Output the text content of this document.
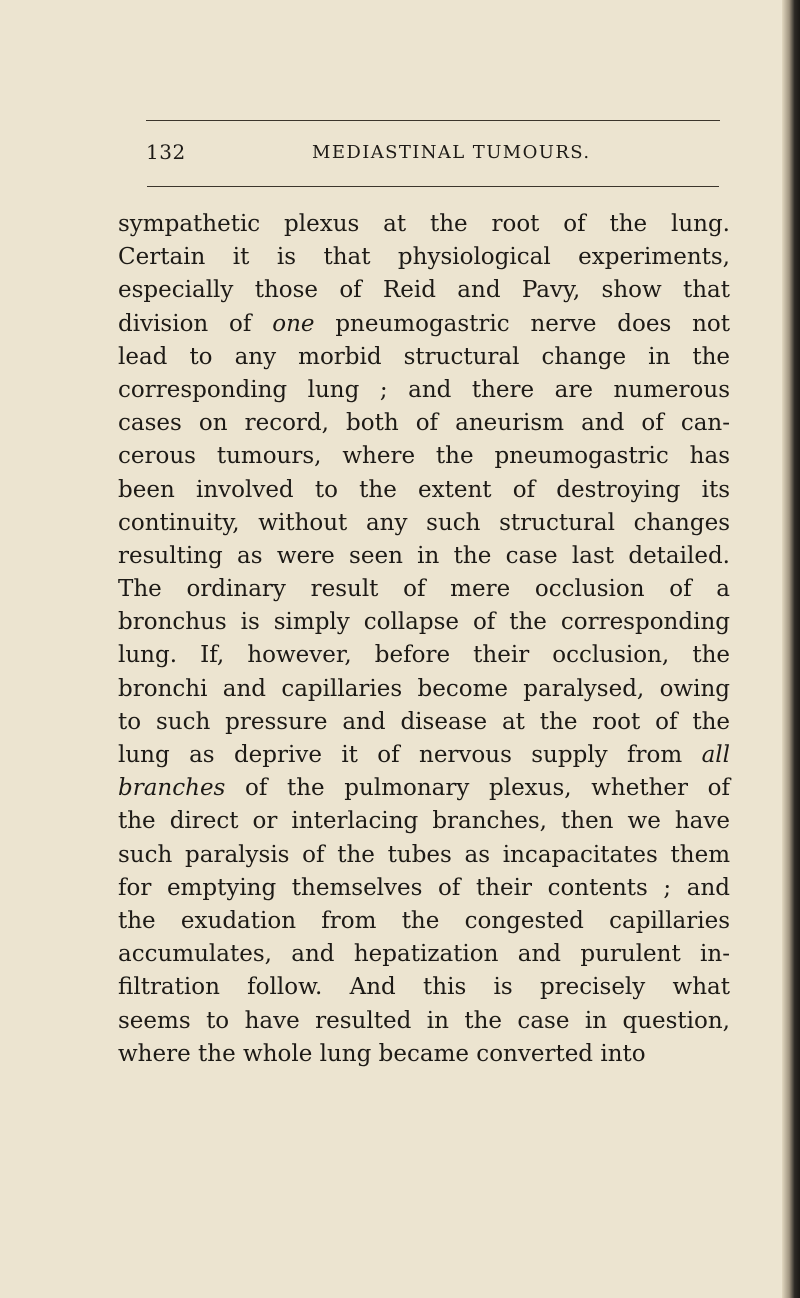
132	MEDIASTINAL TUMOURS.
sympathetic plexus at the root of the lung.
Certain it is that physiological experiments,
especially those of Reid and Pavy, show that
division of one pneumogastric nerve does not
lead to any morbid structural change in the
corresponding lung ; and there are numerous
cases on record, both of aneurism and of can-
cerous tumours, where the pneumogastric has
been involved to the extent of destroying its
continuity, without any such structural changes
resulting as were seen in the case last detailed.
The ordinary result of mere occlusion of a
bronchus is simply collapse of the corresponding
lung. If, however, before their occlusion, the
bronchi and capillaries become paralysed, owing
to such pressure and disease at the root of the
lung as deprive it of nervous supply from all
branches of the pulmonary plexus, whether of
the direct or interlacing branches, then we have
such paralysis of the tubes as incapacitates them
for emptying themselves of their contents ; and
the exudation from the congested capillaries
accumulates, and hepatization and purulent in-
filtration follow. And this is precisely what
seems to have resulted in the case in question,
where the whole lung became converted into
